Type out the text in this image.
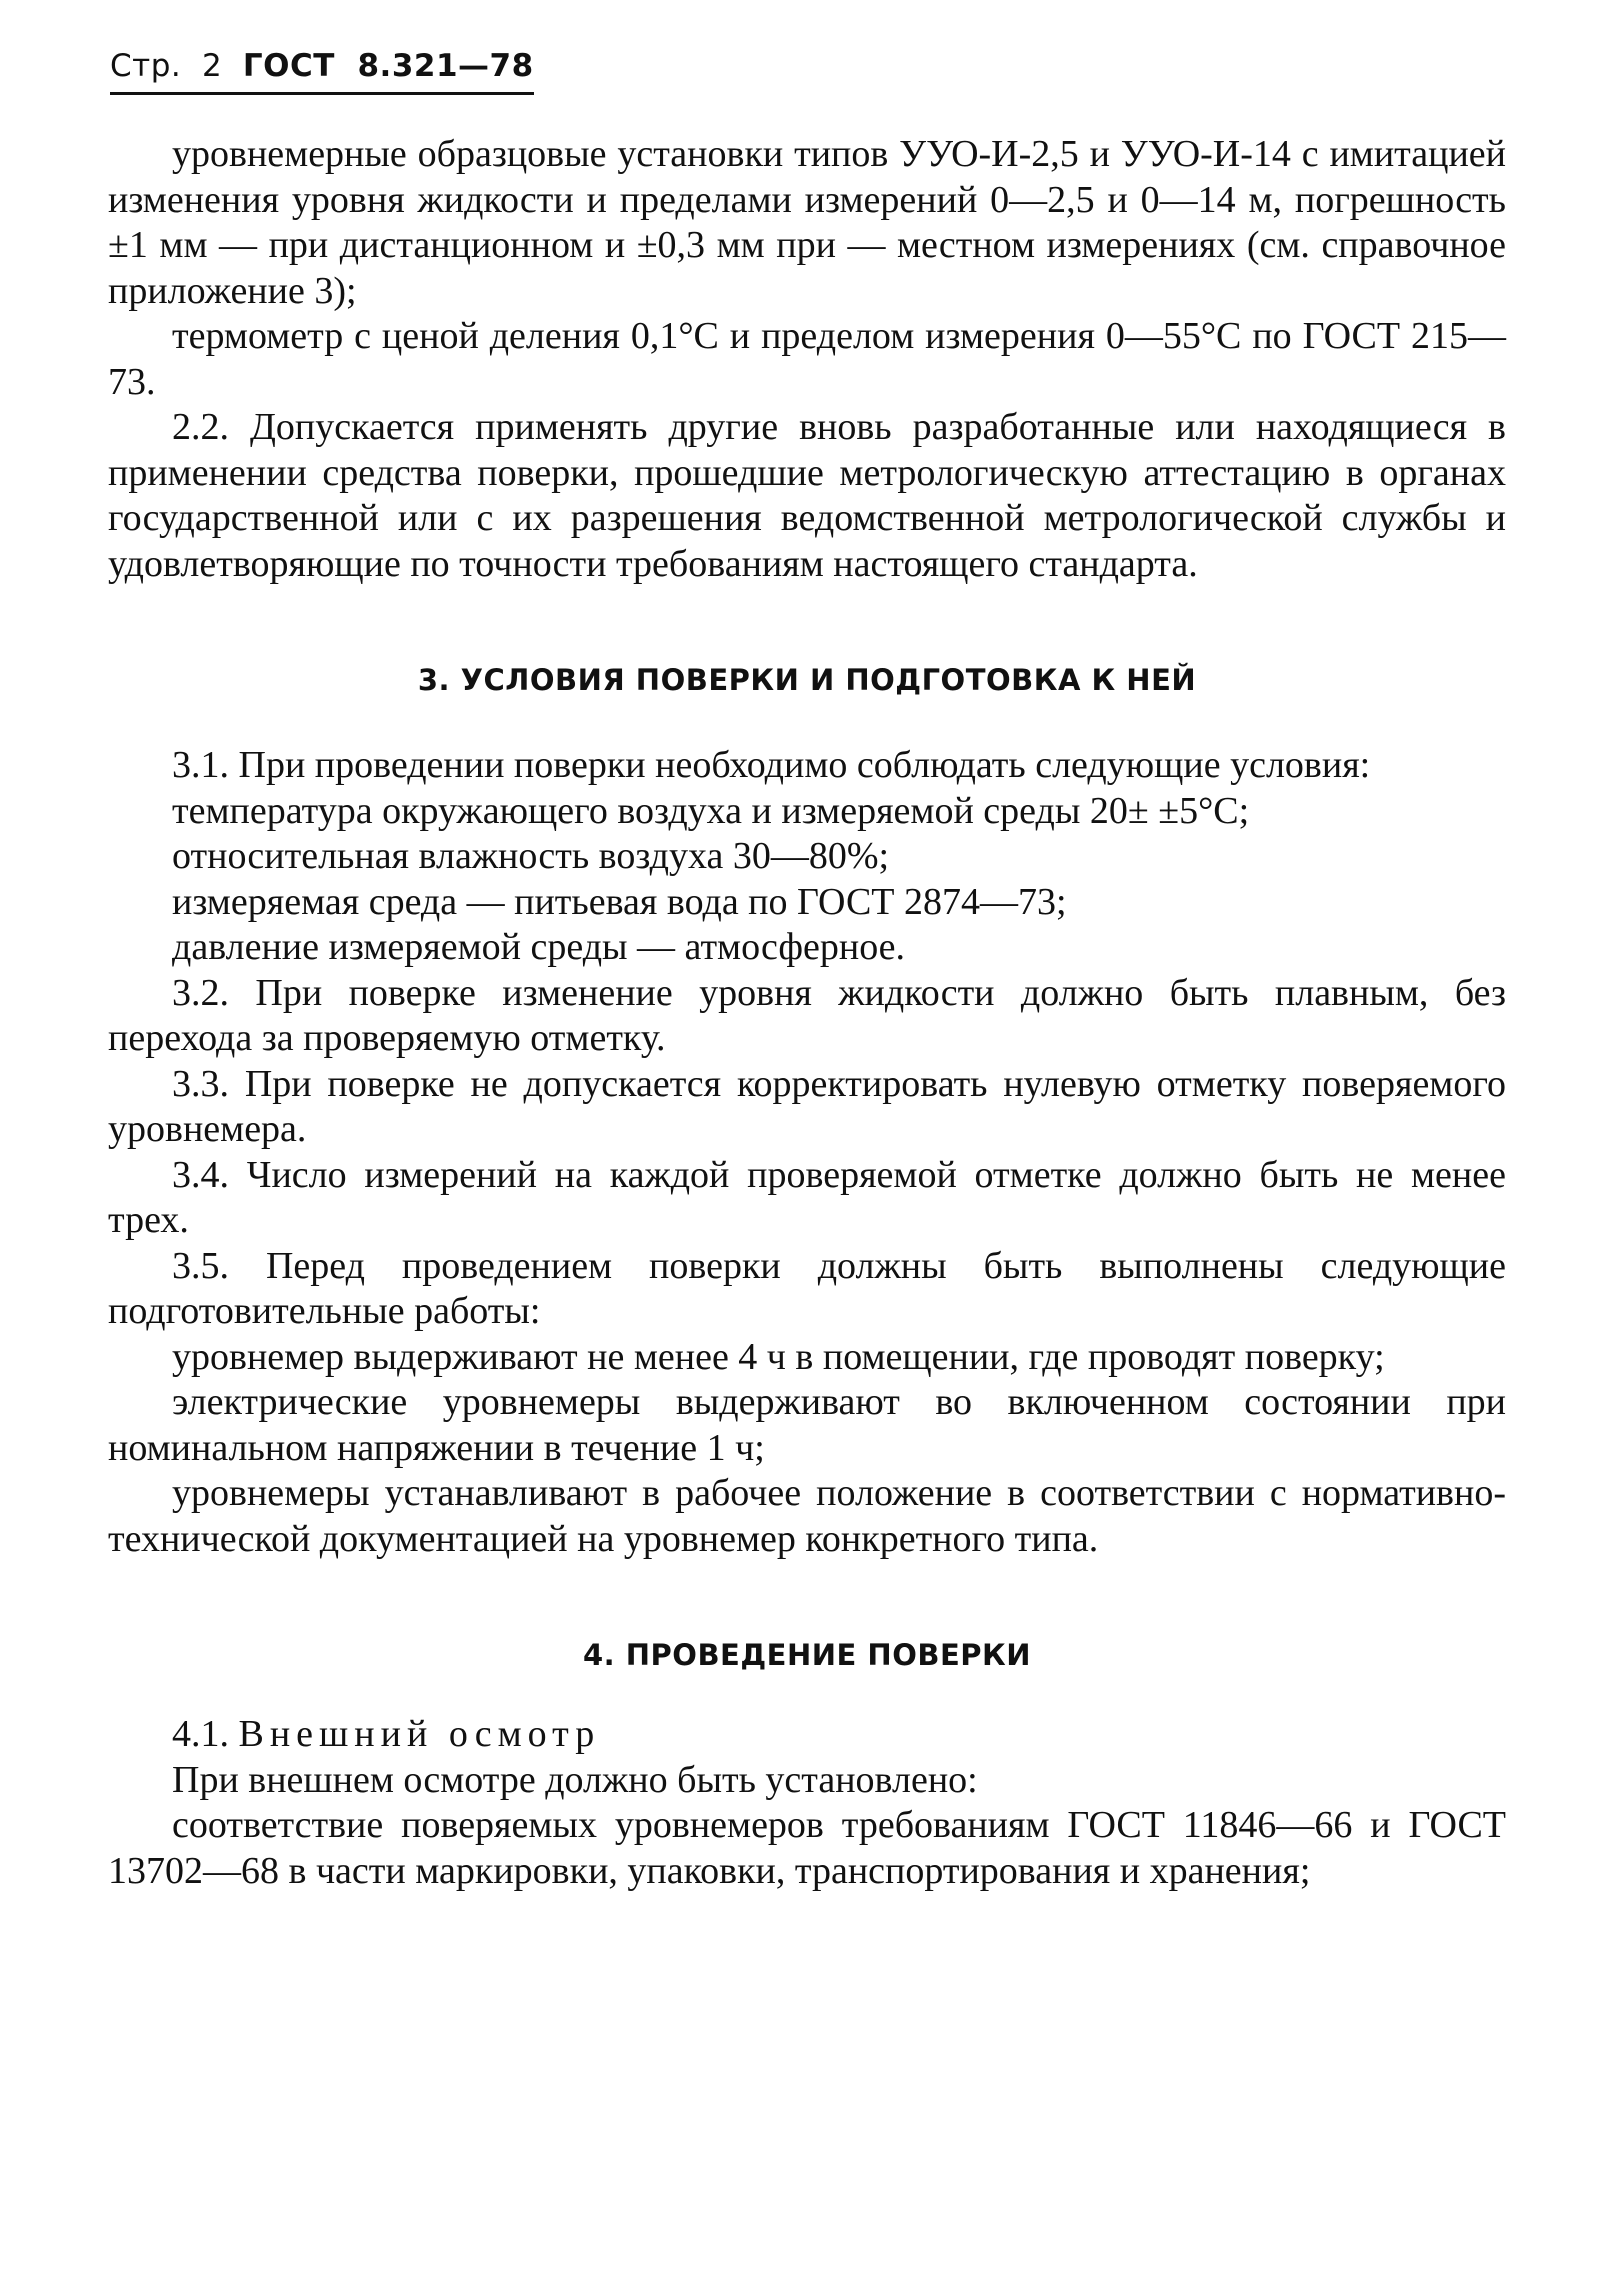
Стр.  2 ГОСТ  8.321—78

уровнемерные образцовые установки типов УУО-И-2,5 и УУО-И-14 с имитацией изменения уровня жидкости и пределами измерений 0—2,5 и 0—14 м, погрешность ±1 мм — при дистанционном и ±0,3 мм при — местном измерениях (см. справочное приложение 3);

термометр с ценой деления 0,1°С и пределом измерения 0—55°С по ГОСТ 215—73.

2.2. Допускается применять другие вновь разработанные или находящиеся в применении средства поверки, прошедшие метрологическую аттестацию в органах государственной или с их разрешения ведомственной метрологической службы и удовлетворяющие по точности требованиям настоящего стандарта.

3. УСЛОВИЯ ПОВЕРКИ И ПОДГОТОВКА К НЕЙ

3.1. При проведении поверки необходимо соблюдать следующие условия:

температура окружающего воздуха и измеряемой среды 20± ±5°С;

относительная влажность воздуха 30—80%;

измеряемая среда — питьевая вода по ГОСТ 2874—73;

давление измеряемой среды — атмосферное.

3.2. При поверке изменение уровня жидкости должно быть плавным, без перехода за проверяемую отметку.

3.3. При поверке не допускается корректировать нулевую отметку поверяемого уровнемера.

3.4. Число измерений на каждой проверяемой отметке должно быть не менее трех.

3.5. Перед проведением поверки должны быть выполнены следующие подготовительные работы:

уровнемер выдерживают не менее 4 ч в помещении, где проводят поверку;

электрические уровнемеры выдерживают во включенном состоянии при номинальном напряжении в течение 1 ч;

уровнемеры устанавливают в рабочее положение в соответствии с нормативно-технической документацией на уровнемер конкретного типа.

4. ПРОВЕДЕНИЕ ПОВЕРКИ

4.1. Внешний осмотр

При внешнем осмотре должно быть установлено:

соответствие поверяемых уровнемеров требованиям ГОСТ 11846—66 и ГОСТ 13702—68 в части маркировки, упаковки, транспортирования и хранения;
